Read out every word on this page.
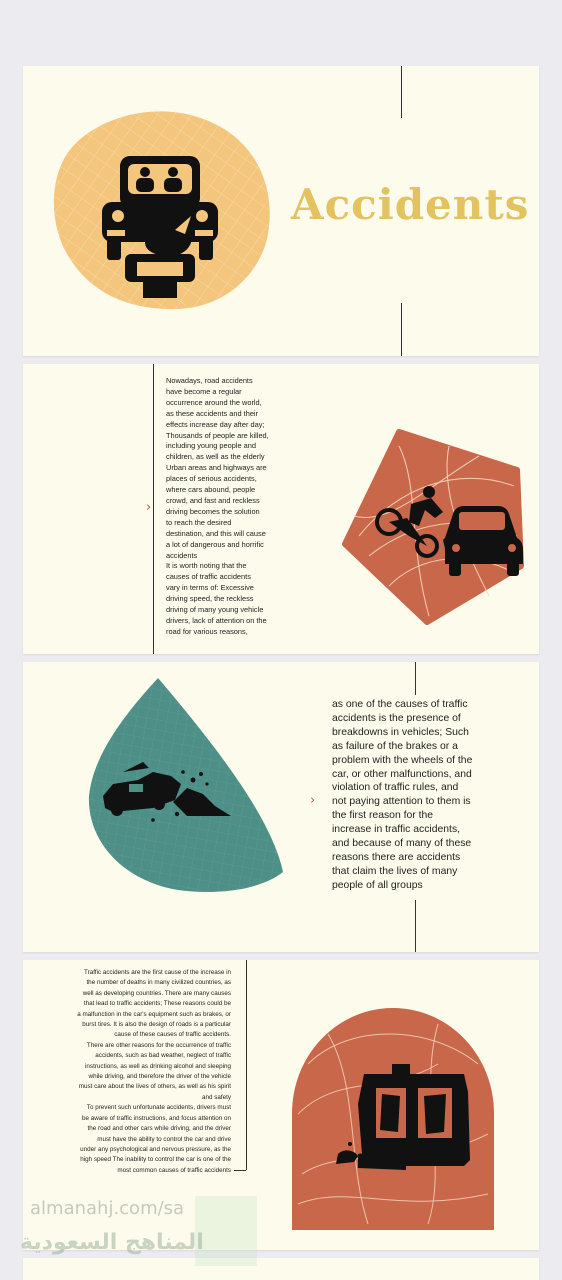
Accidents
›

Nowadays, road accidents
have become a regular
occurrence around the world,
as these accidents and their
effects increase day after day;
Thousands of people are killed,
including young people and
children, as well as the elderly
Urban areas and highways are
places of serious accidents,
where cars abound, people
crowd, and fast and reckless
driving becomes the solution
to reach the desired
destination, and this will cause
a lot of dangerous and horrific
accidents
It is worth noting that the
causes of traffic accidents
vary in terms of: Excessive
driving speed, the reckless
driving of many young vehicle
drivers, lack of attention on the
road for various reasons,

›

as one of the causes of traffic
accidents is the presence of
breakdowns in vehicles; Such
as failure of the brakes or a
problem with the wheels of the
car, or other malfunctions, and
violation of traffic rules, and
not paying attention to them is
the first reason for the
increase in traffic accidents,
and because of many of these
reasons there are accidents
that claim the lives of many
people of all groups

Traffic accidents are the first cause of the increase in
the number of deaths in many civilized countries, as
well as developing countries. There are many causes
that lead to traffic accidents; These reasons could be
a malfunction in the car's equipment such as brakes, or
burst tires. It is also the design of roads is a particular
cause of these causes of traffic accidents.
There are other reasons for the occurrence of traffic
accidents, such as bad weather, neglect of traffic
instructions, as well as drinking alcohol and sleeping
while driving, and therefore the driver of the vehicle
must care about the lives of others, as well as his spirit
and safety
To prevent such unfortunate accidents, drivers must
be aware of traffic instructions, and focus attention on
the road and other cars while driving, and the driver
must have the ability to control the car and drive
under any psychological and nervous pressure, as the
high speed The inability to control the car is one of the
most common causes of traffic accidents

almanahj.com/sa
المناهج السعودية
